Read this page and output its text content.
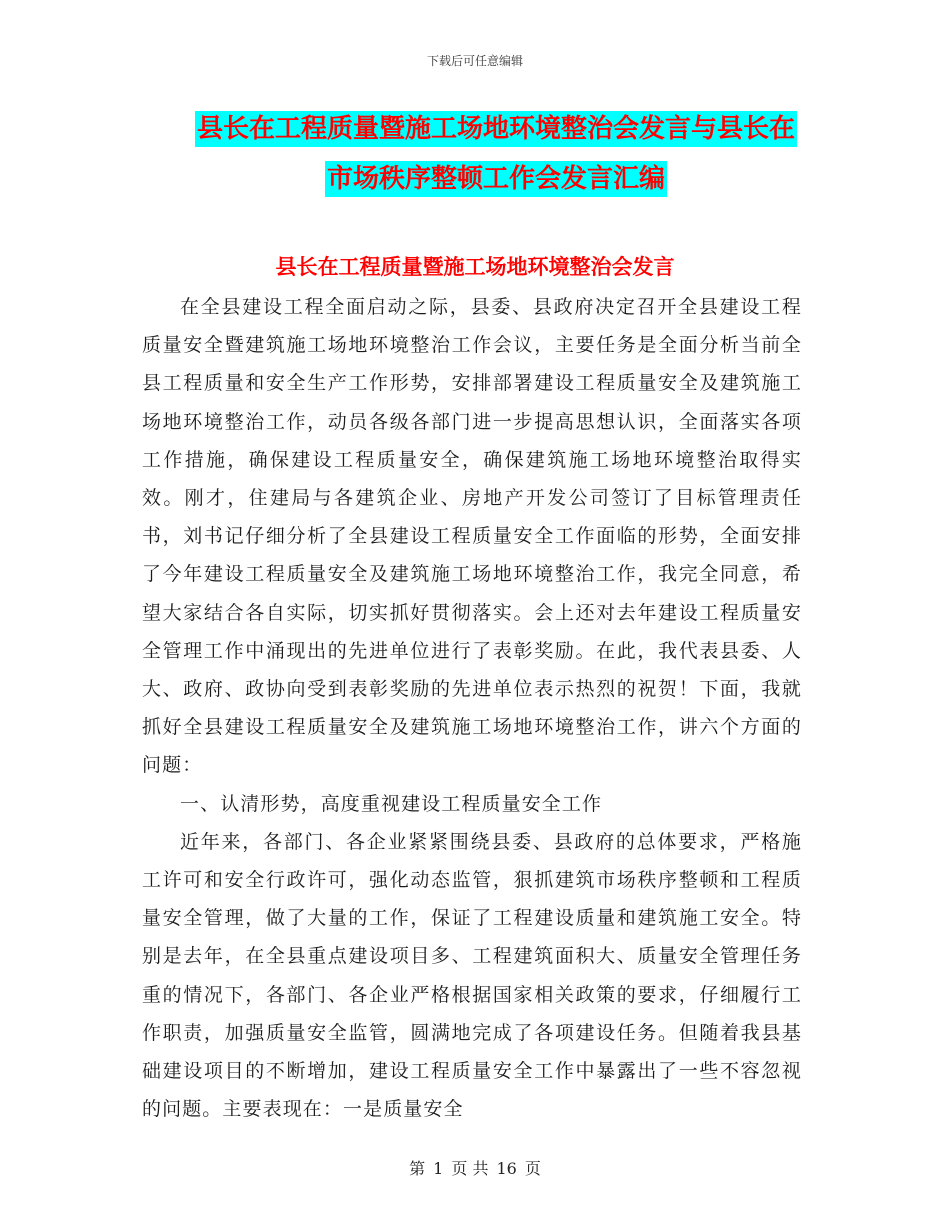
下载后可任意编辑
县长在工程质量暨施工场地环境整治会发言与县长在
市场秩序整顿工作会发言汇编
县长在工程质量暨施工场地环境整治会发言

在全县建设工程全面启动之际，县委、县政府决定召开全县建设工程质量安全暨建筑施工场地环境整治工作会议，主要任务是全面分析当前全县工程质量和安全生产工作形势，安排部署建设工程质量安全及建筑施工场地环境整治工作，动员各级各部门进一步提高思想认识，全面落实各项工作措施，确保建设工程质量安全，确保建筑施工场地环境整治取得实效。刚才，住建局与各建筑企业、房地产开发公司签订了目标管理责任书，刘书记仔细分析了全县建设工程质量安全工作面临的形势，全面安排了今年建设工程质量安全及建筑施工场地环境整治工作，我完全同意，希望大家结合各自实际，切实抓好贯彻落实。会上还对去年建设工程质量安全管理工作中涌现出的先进单位进行了表彰奖励。在此，我代表县委、人大、政府、政协向受到表彰奖励的先进单位表示热烈的祝贺！下面，我就抓好全县建设工程质量安全及建筑施工场地环境整治工作，讲六个方面的问题：

一、认清形势，高度重视建设工程质量安全工作

近年来，各部门、各企业紧紧围绕县委、县政府的总体要求，严格施工许可和安全行政许可，强化动态监管，狠抓建筑市场秩序整顿和工程质量安全管理，做了大量的工作，保证了工程建设质量和建筑施工安全。特别是去年，在全县重点建设项目多、工程建筑面积大、质量安全管理任务重的情况下，各部门、各企业严格根据国家相关政策的要求，仔细履行工作职责，加强质量安全监管，圆满地完成了各项建设任务。但随着我县基础建设项目的不断增加，建设工程质量安全工作中暴露出了一些不容忽视的问题。主要表现在：一是质量安全

第 1 页 共 16 页
